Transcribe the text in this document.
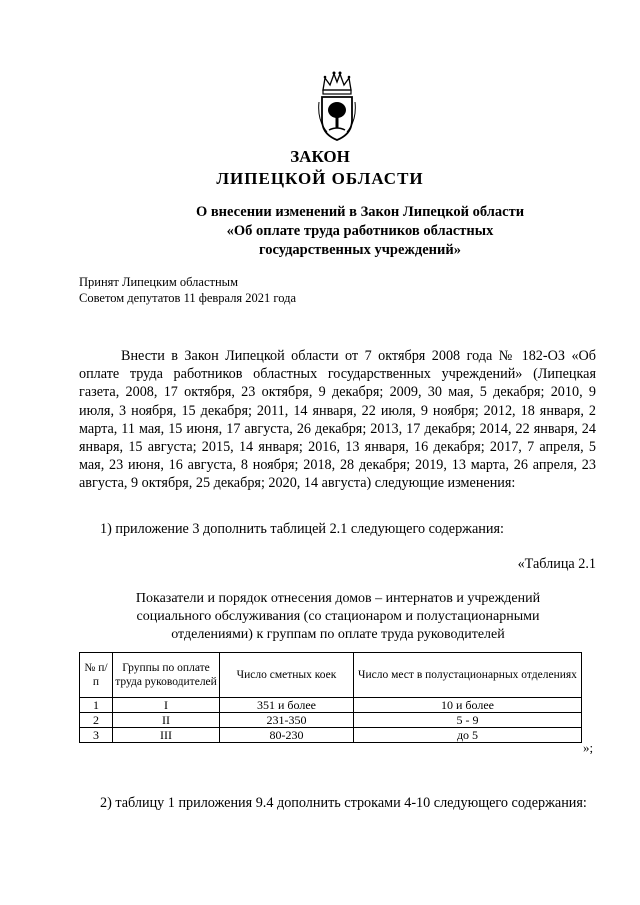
ЗАКОН
ЛИПЕЦКОЙ ОБЛАСТИ
О внесении изменений в Закон Липецкой области
«Об оплате труда работников областных
государственных учреждений»
Принят Липецким областным
Советом депутатов 11 февраля 2021 года
Внести в Закон Липецкой области от 7 октября 2008 года № 182-ОЗ «Об оплате труда работников областных государственных учреждений» (Липецкая газета, 2008, 17 октября, 23 октября, 9 декабря; 2009, 30 мая, 5 декабря; 2010, 9 июля, 3 ноября, 15 декабря; 2011, 14 января, 22 июля, 9 ноября; 2012, 18 января, 2 марта, 11 мая, 15 июня, 17 августа, 26 декабря; 2013, 17 декабря; 2014, 22 января, 24 января, 15 августа; 2015, 14 января; 2016, 13 января, 16 декабря; 2017, 7 апреля, 5 мая, 23 июня, 16 августа, 8 ноября; 2018, 28 декабря; 2019, 13 марта, 26 апреля, 23 августа, 9 октября, 25 декабря; 2020, 14 августа) следующие изменения:
1) приложение 3 дополнить таблицей 2.1 следующего содержания:
«Таблица 2.1
Показатели и порядок отнесения домов – интернатов и учреждений социального обслуживания (со стационаром и полустационарными отделениями) к группам по оплате труда руководителей
№ п/п	Группы по оплате труда руководителей	Число сметных коек	Число мест в полустационарных отделениях
1	I	351 и более	10 и более
2	II	231-350	5 - 9
3	III	80-230	до 5
»;
2) таблицу 1 приложения 9.4 дополнить строками 4-10 следующего содержания:
